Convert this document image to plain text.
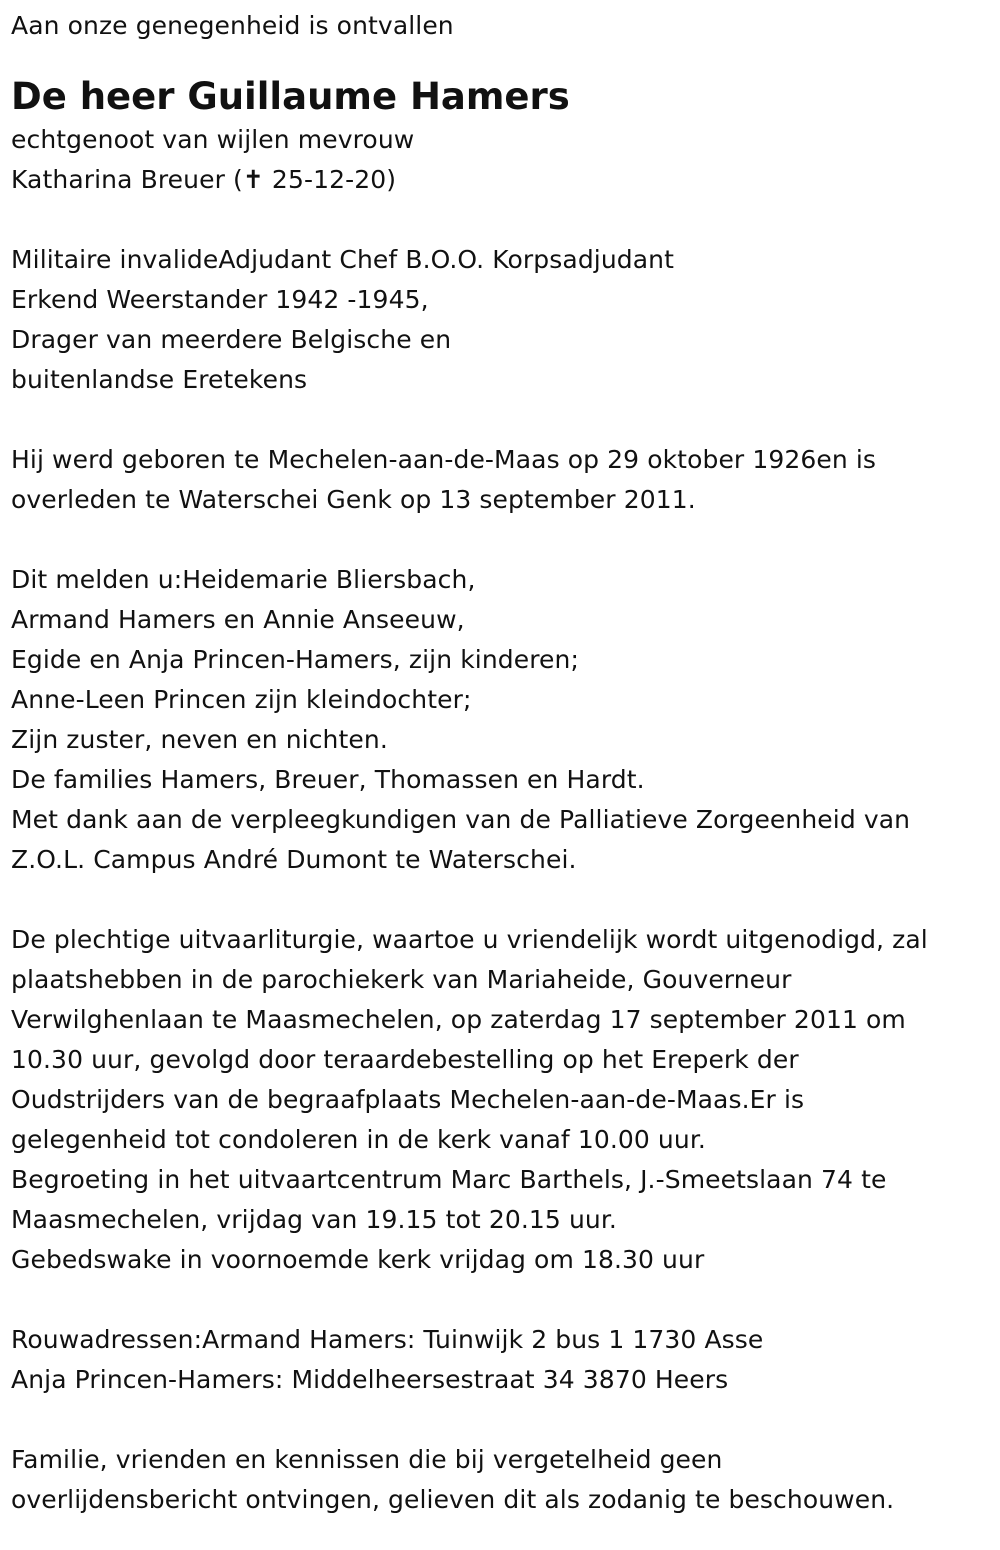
Aan onze genegenheid is ontvallen
De heer Guillaume Hamers
echtgenoot van wijlen mevrouw
Katharina Breuer (✝ 25-12-20)
Militaire invalideAdjudant Chef B.O.O. Korpsadjudant
Erkend Weerstander 1942 -1945,
Drager van meerdere Belgische en
buitenlandse Eretekens
Hij werd geboren te Mechelen-aan-de-Maas op 29 oktober 1926en is
overleden te Waterschei Genk op 13 september 2011.
Dit melden u:Heidemarie Bliersbach,
Armand Hamers en Annie Anseeuw,
Egide en Anja Princen-Hamers, zijn kinderen;
Anne-Leen Princen zijn kleindochter;
Zijn zuster, neven en nichten.
De families Hamers, Breuer, Thomassen en Hardt.
Met dank aan de verpleegkundigen van de Palliatieve Zorgeenheid van
Z.O.L. Campus André Dumont te Waterschei.
De plechtige uitvaarliturgie, waartoe u vriendelijk wordt uitgenodigd, zal
plaatshebben in de parochiekerk van Mariaheide, Gouverneur
Verwilghenlaan te Maasmechelen, op zaterdag 17 september 2011 om
10.30 uur, gevolgd door teraardebestelling op het Ereperk der
Oudstrijders van de begraafplaats Mechelen-aan-de-Maas.Er is
gelegenheid tot condoleren in de kerk vanaf 10.00 uur.
Begroeting in het uitvaartcentrum Marc Barthels, J.-Smeetslaan 74 te
Maasmechelen, vrijdag van 19.15 tot 20.15 uur.
Gebedswake in voornoemde kerk vrijdag om 18.30 uur
Rouwadressen:Armand Hamers: Tuinwijk 2 bus 1 1730 Asse
Anja Princen-Hamers: Middelheersestraat 34 3870 Heers
Familie, vrienden en kennissen die bij vergetelheid geen
overlijdensbericht ontvingen, gelieven dit als zodanig te beschouwen.
